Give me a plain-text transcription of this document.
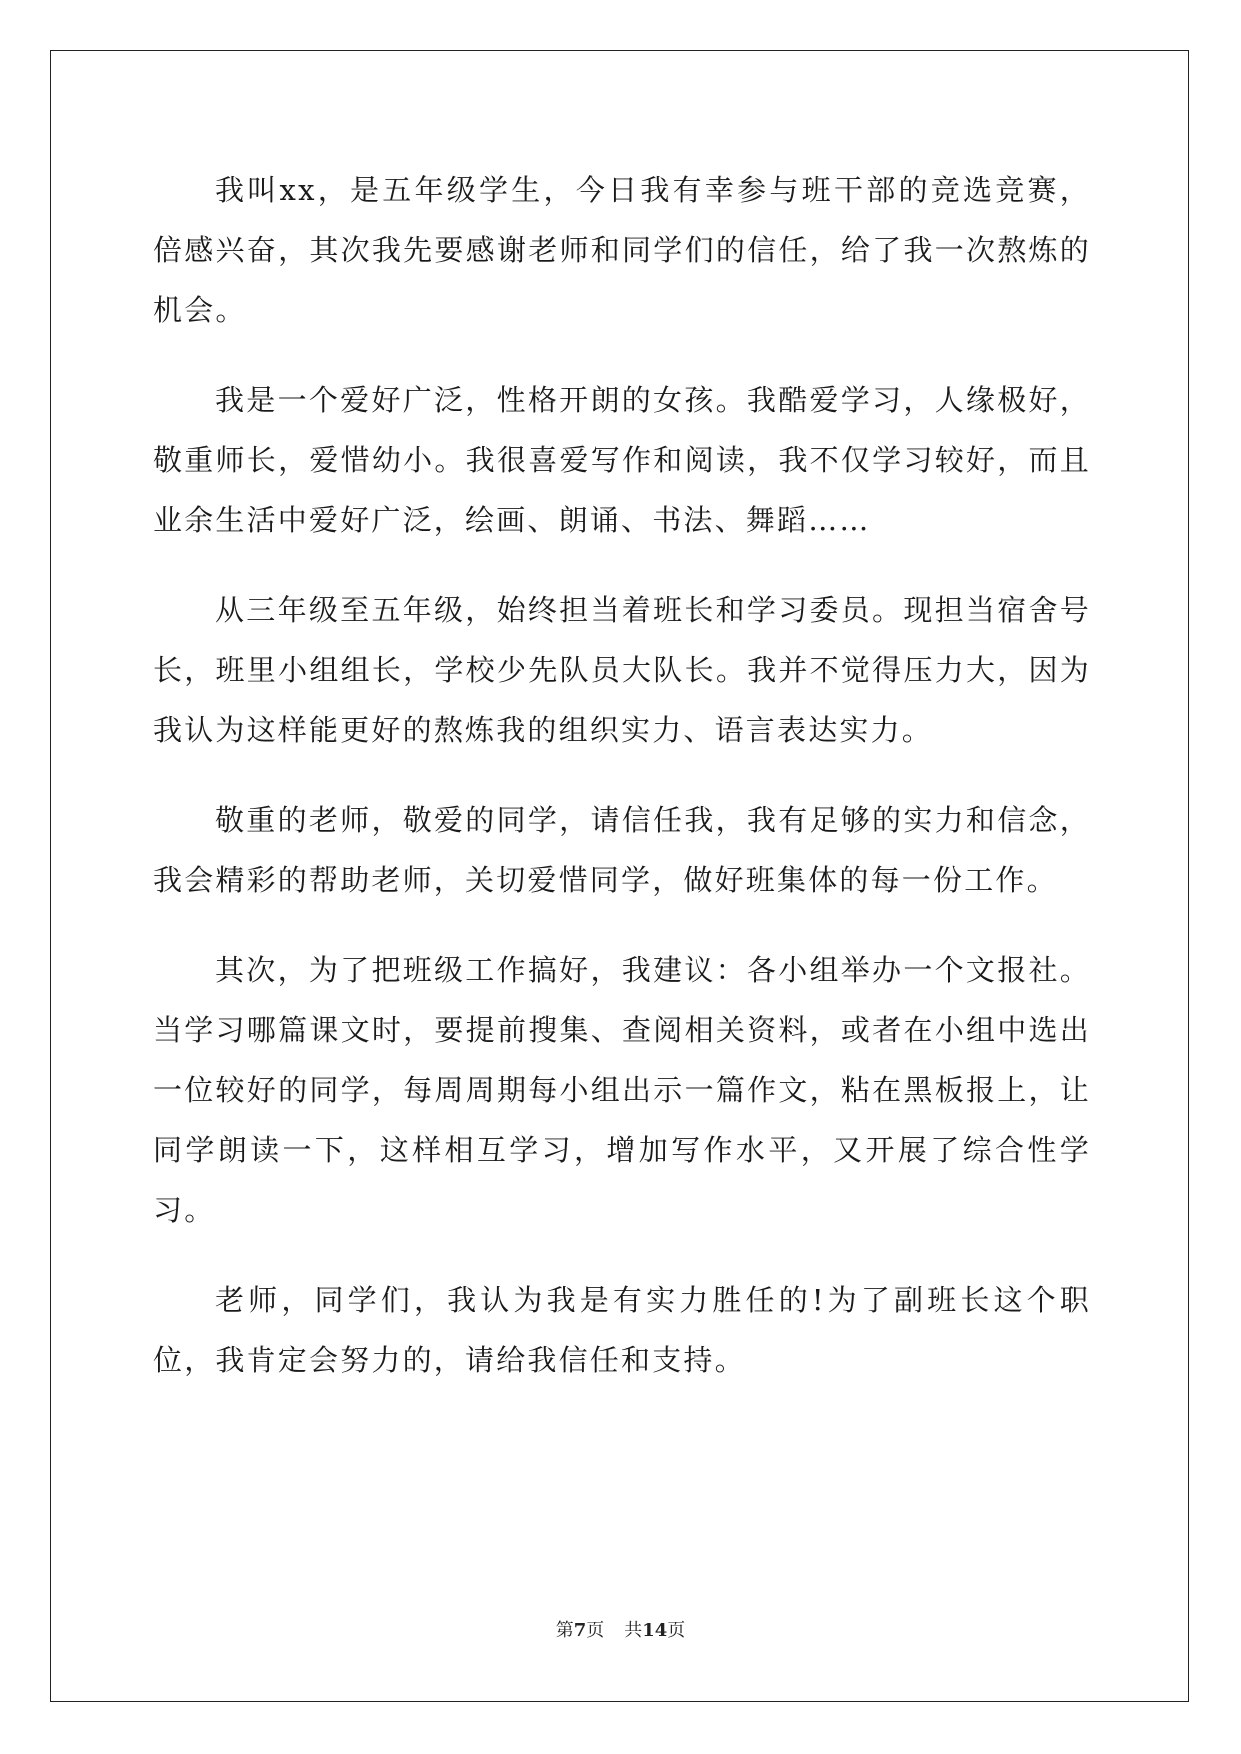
我叫xx，是五年级学生，今日我有幸参与班干部的竞选竞赛，倍感兴奋，其次我先要感谢老师和同学们的信任，给了我一次熬炼的机会。

我是一个爱好广泛，性格开朗的女孩。我酷爱学习，人缘极好，敬重师长，爱惜幼小。我很喜爱写作和阅读，我不仅学习较好，而且业余生活中爱好广泛，绘画、朗诵、书法、舞蹈……

从三年级至五年级，始终担当着班长和学习委员。现担当宿舍号长，班里小组组长，学校少先队员大队长。我并不觉得压力大，因为我认为这样能更好的熬炼我的组织实力、语言表达实力。

敬重的老师，敬爱的同学，请信任我，我有足够的实力和信念，我会精彩的帮助老师，关切爱惜同学，做好班集体的每一份工作。

其次，为了把班级工作搞好，我建议：各小组举办一个文报社。当学习哪篇课文时，要提前搜集、查阅相关资料，或者在小组中选出一位较好的同学，每周周期每小组出示一篇作文，粘在黑板报上，让同学朗读一下，这样相互学习，增加写作水平，又开展了综合性学习。

老师，同学们，我认为我是有实力胜任的!为了副班长这个职位，我肯定会努力的，请给我信任和支持。

第7页 共14页
